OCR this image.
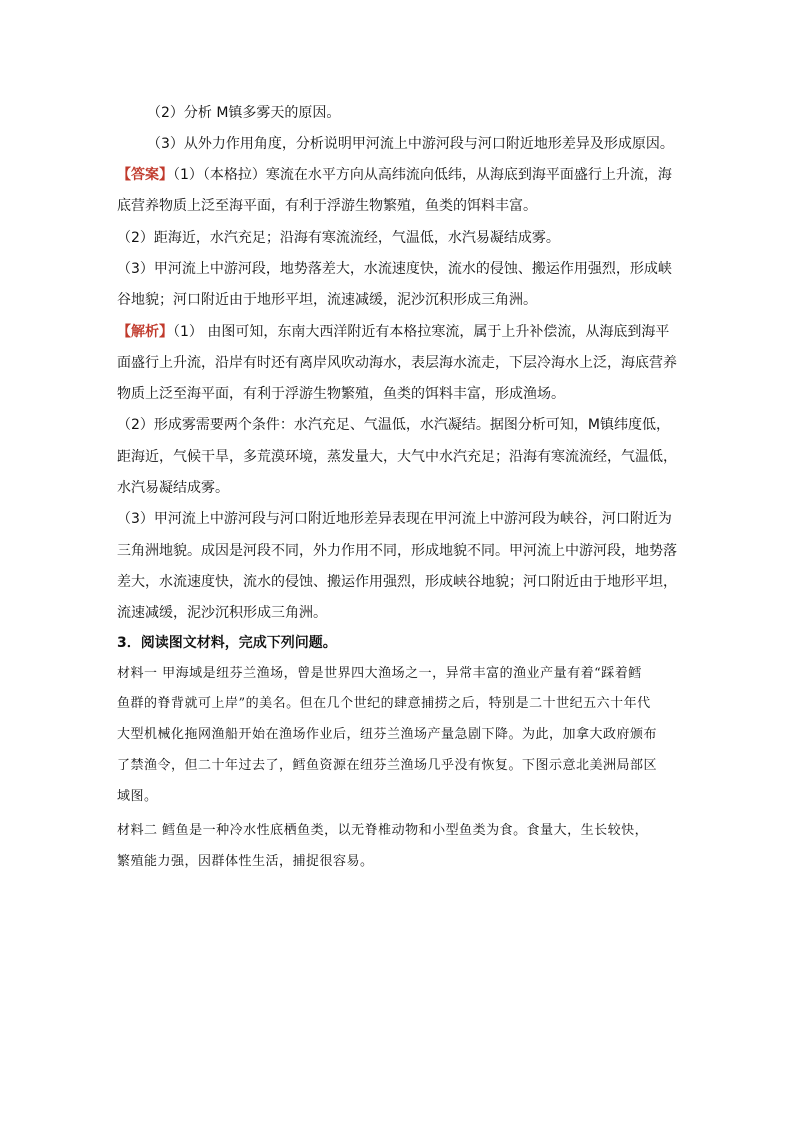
（2）分析 M镇多雾天的原因。
（3）从外力作用角度，分析说明甲河流上中游河段与河口附近地形差异及形成原因。
【答案】（1）（本格拉）寒流在水平方向从高纬流向低纬，从海底到海平面盛行上升流，海
底营养物质上泛至海平面，有利于浮游生物繁殖，鱼类的饵料丰富。
（2）距海近，水汽充足；沿海有寒流流经，气温低，水汽易凝结成雾。
（3）甲河流上中游河段，地势落差大，水流速度快，流水的侵蚀、搬运作用强烈，形成峡
谷地貌；河口附近由于地形平坦，流速减缓，泥沙沉积形成三角洲。
【解析】（1） 由图可知，东南大西洋附近有本格拉寒流，属于上升补偿流，从海底到海平
面盛行上升流，沿岸有时还有离岸风吹动海水，表层海水流走，下层冷海水上泛，海底营养
物质上泛至海平面，有利于浮游生物繁殖，鱼类的饵料丰富，形成渔场。
（2）形成雾需要两个条件：水汽充足、气温低，水汽凝结。据图分析可知，M镇纬度低，
距海近，气候干旱，多荒漠环境，蒸发量大，大气中水汽充足；沿海有寒流流经，气温低，
水汽易凝结成雾。
（3）甲河流上中游河段与河口附近地形差异表现在甲河流上中游河段为峡谷，河口附近为
三角洲地貌。成因是河段不同，外力作用不同，形成地貌不同。甲河流上中游河段，地势落
差大，水流速度快，流水的侵蚀、搬运作用强烈，形成峡谷地貌；河口附近由于地形平坦，
流速减缓，泥沙沉积形成三角洲。
3．阅读图文材料，完成下列问题。
材料一 甲海域是纽芬兰渔场，曾是世界四大渔场之一，异常丰富的渔业产量有着“踩着鳕
鱼群的脊背就可上岸”的美名。但在几个世纪的肆意捕捞之后，特别是二十世纪五六十年代
大型机械化拖网渔船开始在渔场作业后，纽芬兰渔场产量急剧下降。为此，加拿大政府颁布
了禁渔令，但二十年过去了，鳕鱼资源在纽芬兰渔场几乎没有恢复。下图示意北美洲局部区
域图。
材料二 鳕鱼是一种冷水性底栖鱼类，以无脊椎动物和小型鱼类为食。食量大，生长较快，
繁殖能力强，因群体性生活，捕捉很容易。
